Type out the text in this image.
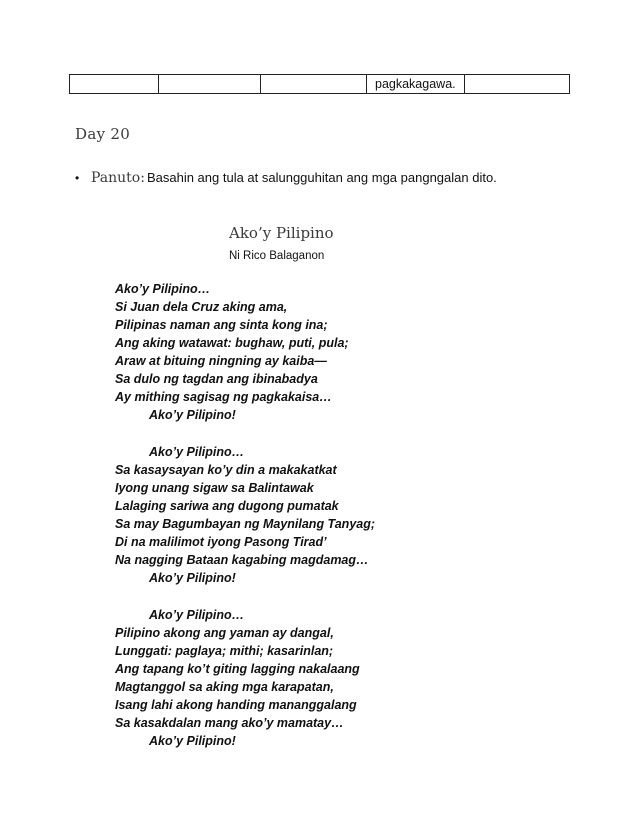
			pagkakagawa.	
Day 20
• Panuto: Basahin ang tula at salungguhitan ang mga pangngalan dito.
Ako’y Pilipino
Ni Rico Balaganon
Ako’y Pilipino…
Si Juan dela Cruz aking ama,
Pilipinas naman ang sinta kong ina;
Ang aking watawat: bughaw, puti, pula;
Araw at bituing ningning ay kaiba—
Sa dulo ng tagdan ang ibinabadya
Ay mithing sagisag ng pagkakaisa…
Ako’y Pilipino!
Ako’y Pilipino…
Sa kasaysayan ko’y din a makakatkat
Iyong unang sigaw sa Balintawak
Lalaging sariwa ang dugong pumatak
Sa may Bagumbayan ng Maynilang Tanyag;
Di na malilimot iyong Pasong Tirad’
Na nagging Bataan kagabing magdamag…
Ako’y Pilipino!
Ako’y Pilipino…
Pilipino akong ang yaman ay dangal,
Lunggati: paglaya; mithi; kasarinlan;
Ang tapang ko’t giting lagging nakalaang
Magtanggol sa aking mga karapatan,
Isang lahi akong handing mananggalang
Sa kasakdalan mang ako’y mamatay…
Ako’y Pilipino!
